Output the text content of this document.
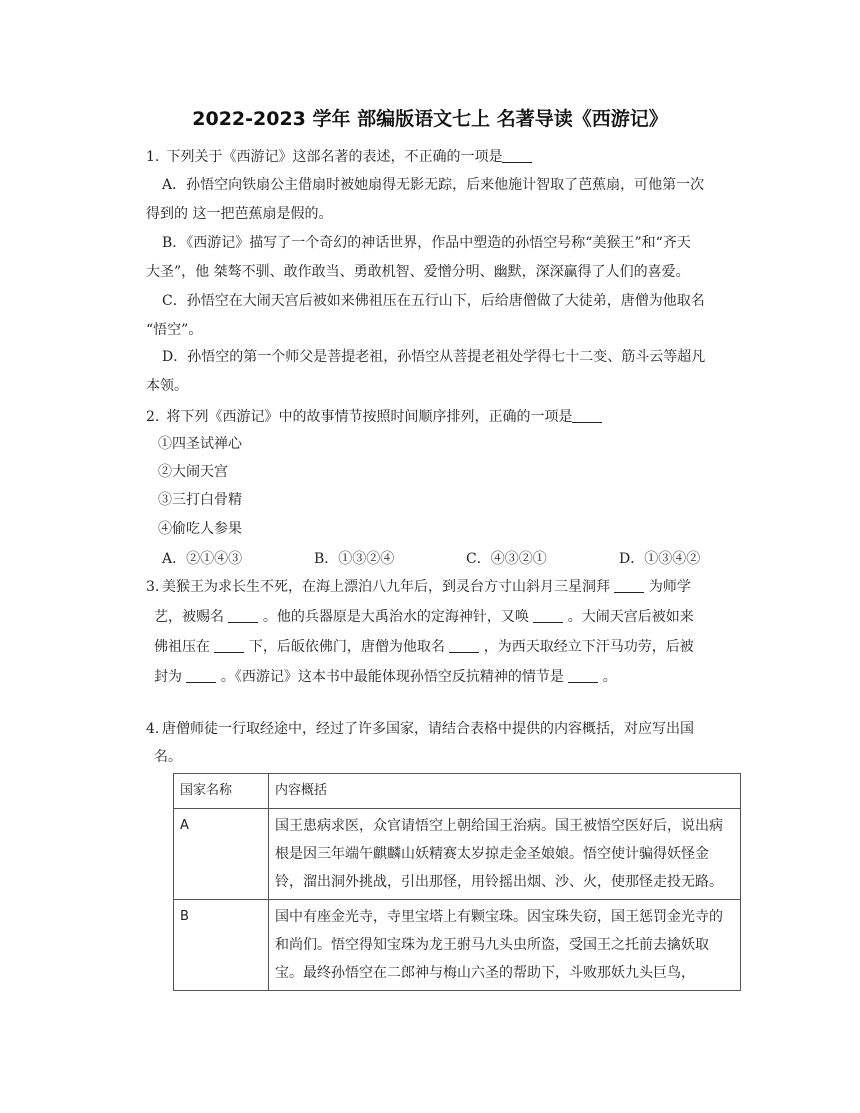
2022-2023 学年 部编版语文七上 名著导读《西游记》
1. 下列关于《西游记》这部名著的表述，不正确的一项是
A．孙悟空向铁扇公主借扇时被她扇得无影无踪，后来他施计智取了芭蕉扇，可他第一次
得到的 这一把芭蕉扇是假的。
B．《西游记》描写了一个奇幻的神话世界，作品中塑造的孙悟空号称“美猴王”和“齐天
大圣”，他 桀骜不驯、敢作敢当、勇敢机智、爱憎分明、幽默，深深赢得了人们的喜爱。
C．孙悟空在大闹天宫后被如来佛祖压在五行山下，后给唐僧做了大徒弟，唐僧为他取名
“悟空”。
D．孙悟空的第一个师父是菩提老祖，孙悟空从菩提老祖处学得七十二变、筋斗云等超凡
本领。
2. 将下列《西游记》中的故事情节按照时间顺序排列，正确的一项是
①四圣试禅心
②大闹天宫
③三打白骨精
④偷吃人参果
A．②①④③	B．①③②④	C．④③②①	D．①③④②
3. 美猴王为求长生不死，在海上漂泊八九年后，到灵台方寸山斜月三星洞拜  为师学
艺，被赐名  。他的兵器原是大禹治水的定海神针，又唤  。大闹天宫后被如来
佛祖压在  下，后皈依佛门，唐僧为他取名  ，为西天取经立下汗马功劳，后被
封为  。《西游记》这本书中最能体现孙悟空反抗精神的情节是  。
4. 唐僧师徒一行取经途中，经过了许多国家，请结合表格中提供的内容概括，对应写出国
名。
国家名称	内容概括
A	国王患病求医，众官请悟空上朝给国王治病。国王被悟空医好后，说出病根是因三年端午麒麟山妖精赛太岁掠走金圣娘娘。悟空使计骗得妖怪金铃，溜出洞外挑战，引出那怪，用铃摇出烟、沙、火，使那怪走投无路。
B	国中有座金光寺，寺里宝塔上有颗宝珠。因宝珠失窃，国王惩罚金光寺的和尚们。悟空得知宝珠为龙王驸马九头虫所盗，受国王之托前去擒妖取宝。最终孙悟空在二郎神与梅山六圣的帮助下，斗败那妖九头巨鸟，
